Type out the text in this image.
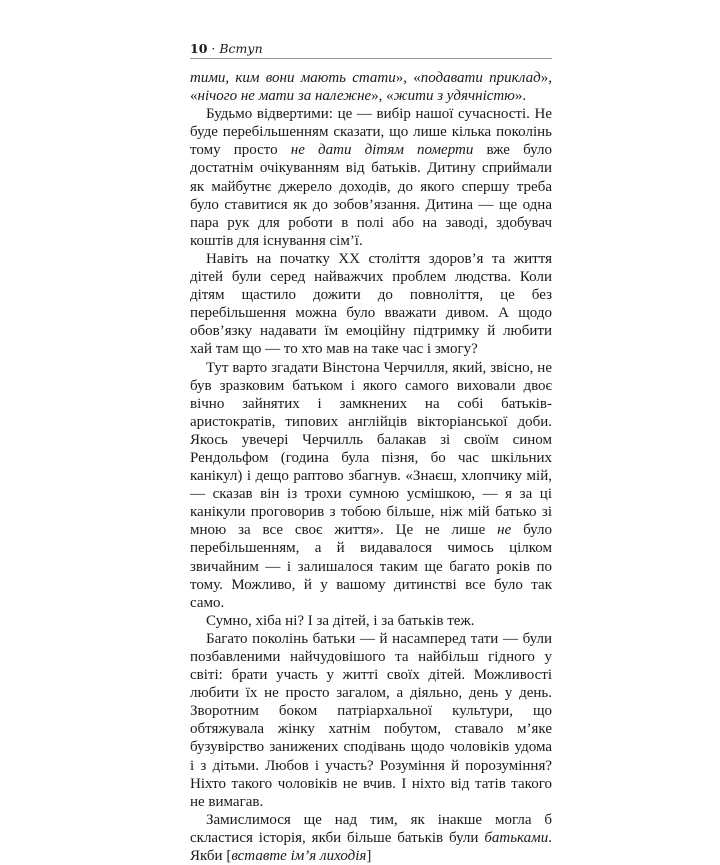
10 · Вступ

тими, ким вони мають стати», «подавати приклад», «нічого не мати за належне», «жити з удячністю».

Будьмо відвертими: це — вибір нашої сучасності. Не буде перебільшенням сказати, що лише кілька поколінь тому просто не дати дітям померти вже було достатнім очікуванням від батьків. Дитину сприймали як майбутнє джерело доходів, до якого спершу треба було ставитися як до зобов’язання. Дитина — ще одна пара рук для роботи в полі або на заводі, здобувач коштів для існування сім’ї.

Навіть на початку XX століття здоров’я та життя дітей були серед найважчих проблем людства. Коли дітям щастило дожити до повноліття, це без перебільшення можна було вважати дивом. А щодо обов’язку надавати їм емоційну підтримку й любити хай там що — то хто мав на таке час і змогу?

Тут варто згадати Вінстона Черчилля, який, звісно, не був зразковим батьком і якого самого виховали двоє вічно зайнятих і замкнених на собі батьків-аристократів, типових англійців вікторіанської доби. Якось увечері Черчилль балакав зі своїм сином Рендольфом (година була пізня, бо час шкільних канікул) і дещо раптово збагнув. «Знаєш, хлопчику мій, — сказав він із трохи сумною усмішкою, — я за ці канікули проговорив з тобою більше, ніж мій батько зі мною за все своє життя». Це не лише не було перебільшенням, а й видавалося чимось цілком звичайним — і залишалося таким ще багато років по тому. Можливо, й у вашому дитинстві все було так само.

Сумно, хіба ні? І за дітей, і за батьків теж.

Багато поколінь батьки — й насамперед тати — були позбавленими найчудовішого та найбільш гідного у світі: брати участь у житті своїх дітей. Можливості любити їх не просто загалом, а діяльно, день у день. Зворотним боком патріархальної культури, що обтяжувала жінку хатнім побутом, ставало м’яке бузувірство занижених сподівань щодо чоловіків удома і з дітьми. Любов і участь? Розуміння й порозуміння? Ніхто такого чоловіків не вчив. І ніхто від татів такого не вимагав.

Замислимося ще над тим, як інакше могла б скластися історія, якби більше батьків були батьками. Якби [вставте ім’я лиходія]
